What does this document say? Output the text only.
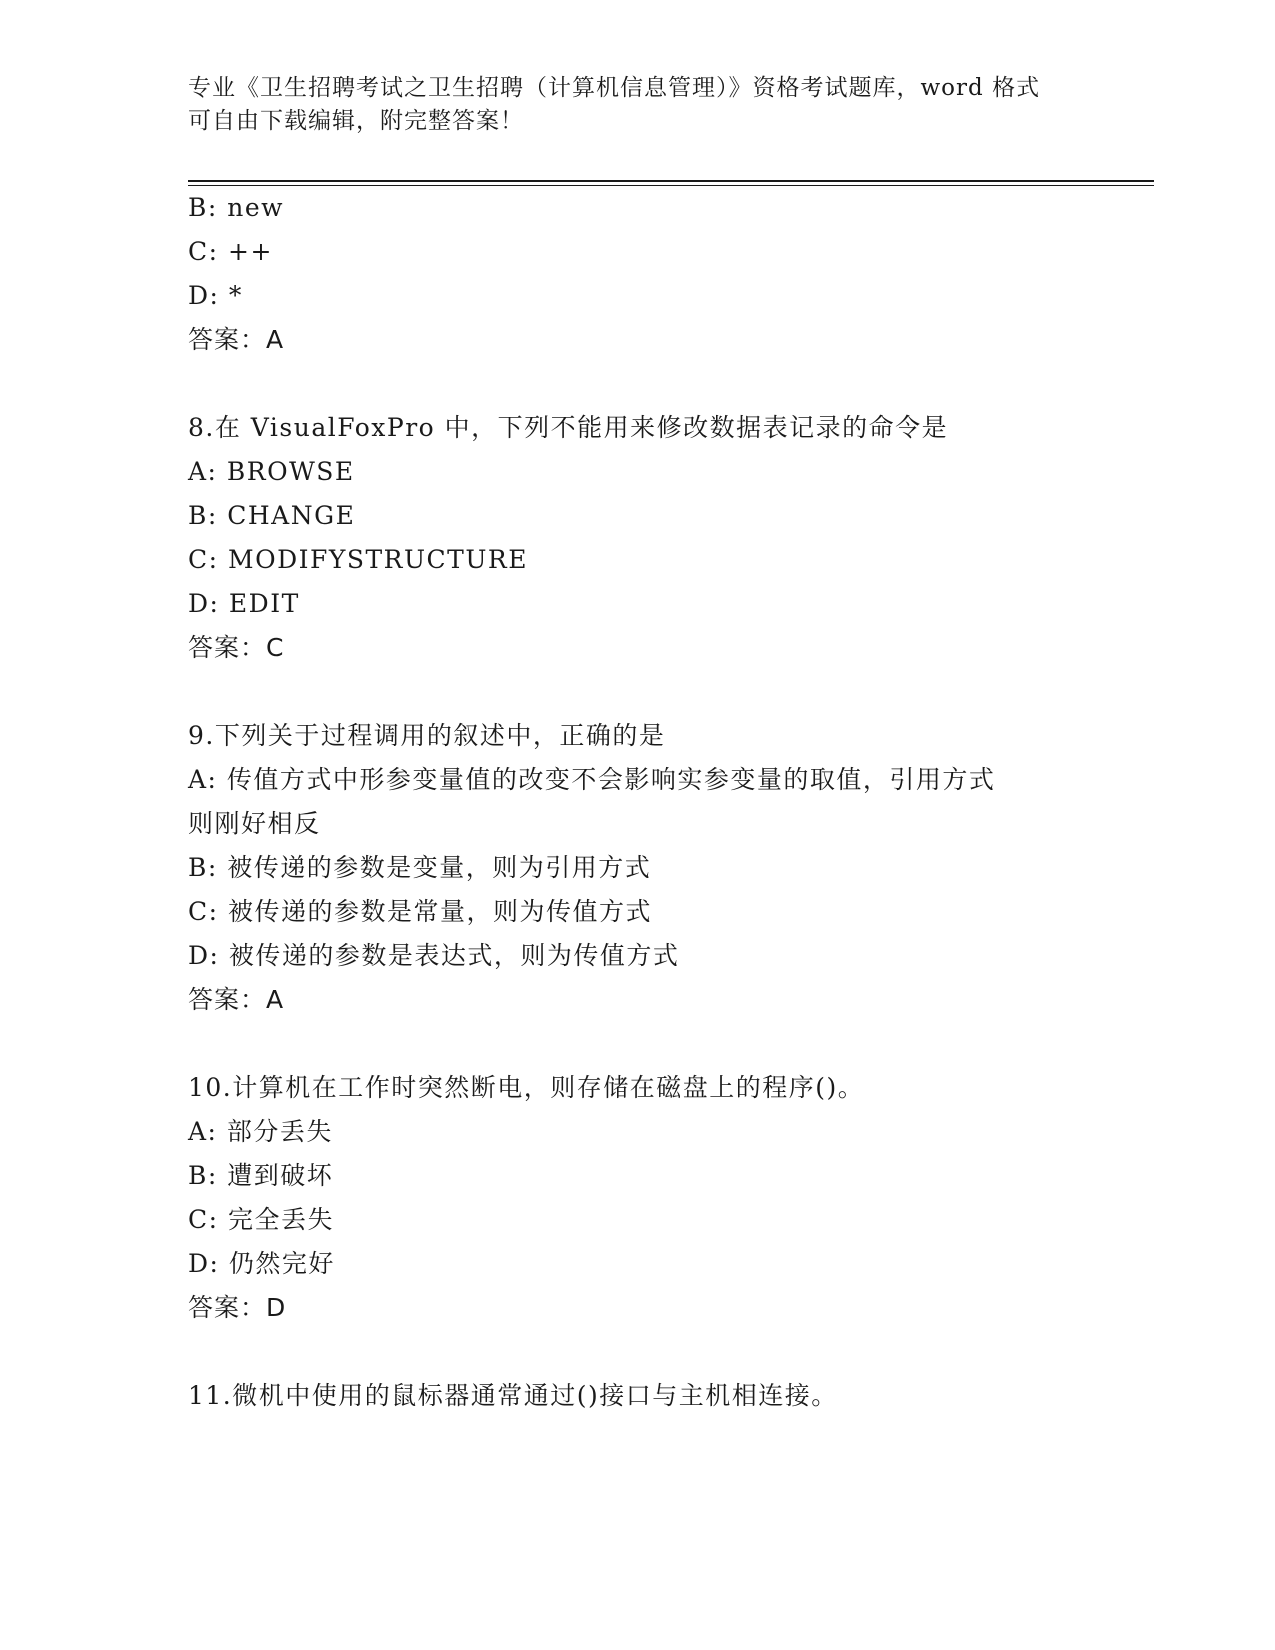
专业《卫生招聘考试之卫生招聘（计算机信息管理）》资格考试题库，word 格式
可自由下载编辑，附完整答案！
B: new
C: ++
D: *
答案：A
8.在 VisualFoxPro 中，下列不能用来修改数据表记录的命令是
A: BROWSE
B: CHANGE
C: MODIFYSTRUCTURE
D: EDIT
答案：C
9.下列关于过程调用的叙述中，正确的是
A: 传值方式中形参变量值的改变不会影响实参变量的取值，引用方式
则刚好相反
B: 被传递的参数是变量，则为引用方式
C: 被传递的参数是常量，则为传值方式
D: 被传递的参数是表达式，则为传值方式
答案：A
10.计算机在工作时突然断电，则存储在磁盘上的程序()。
A: 部分丢失
B: 遭到破坏
C: 完全丢失
D: 仍然完好
答案：D
11.微机中使用的鼠标器通常通过()接口与主机相连接。
